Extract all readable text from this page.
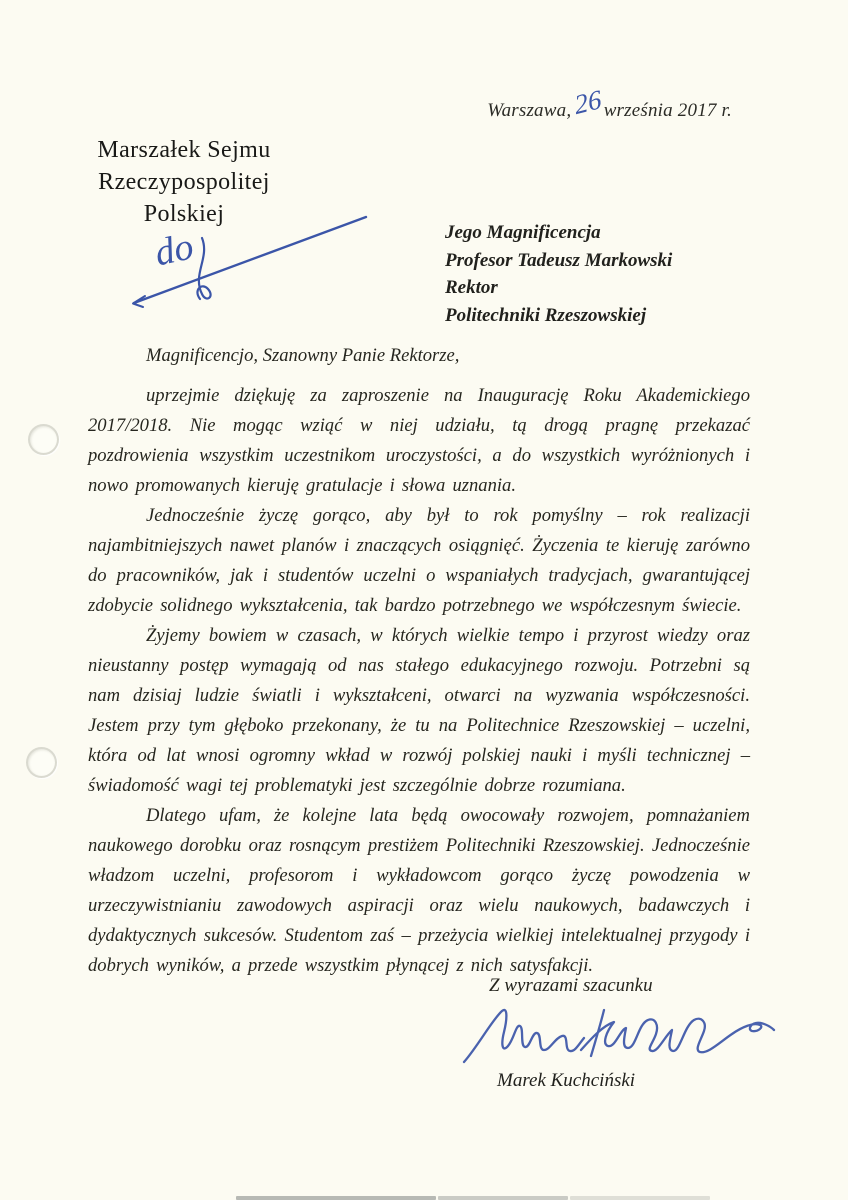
Warszawa,26września 2017 r.
Marszałek Sejmu
Rzeczypospolitej Polskiej
do	Jego Magnificencja
Profesor Tadeusz Markowski
Rektor
Politechniki Rzeszowskiej
Magnificencjo, Szanowny Panie Rektorze,

uprzejmie dziękuję za zaproszenie na Inaugurację Roku Akademickiego 2017/2018. Nie mogąc wziąć w niej udziału, tą drogą pragnę przekazać pozdrowienia wszystkim uczestnikom uroczystości, a do wszystkich wyróżnionych i nowo promowanych kieruję gratulacje i słowa uznania.

Jednocześnie życzę gorąco, aby był to rok pomyślny – rok realizacji najambitniejszych nawet planów i znaczących osiągnięć. Życzenia te kieruję zarówno do pracowników, jak i studentów uczelni o wspaniałych tradycjach, gwarantującej zdobycie solidnego wykształcenia, tak bardzo potrzebnego we współczesnym świecie.

Żyjemy bowiem w czasach, w których wielkie tempo i przyrost wiedzy oraz nieustanny postęp wymagają od nas stałego edukacyjnego rozwoju. Potrzebni są nam dzisiaj ludzie światli i wykształceni, otwarci na wyzwania współczesności. Jestem przy tym głęboko przekonany, że tu na Politechnice Rzeszowskiej – uczelni, która od lat wnosi ogromny wkład w rozwój polskiej nauki i myśli technicznej – świadomość wagi tej problematyki jest szczególnie dobrze rozumiana.

Dlatego ufam, że kolejne lata będą owocowały rozwojem, pomnażaniem naukowego dorobku oraz rosnącym prestiżem Politechniki Rzeszowskiej. Jednocześnie władzom uczelni, profesorom i wykładowcom gorąco życzę powodzenia w urzeczywistnianiu zawodowych aspiracji oraz wielu naukowych, badawczych i dydaktycznych sukcesów. Studentom zaś – przeżycia wielkiej intelektualnej przygody i dobrych wyników, a przede wszystkim płynącej z nich satysfakcji.

Z wyrazami szacunku
Marek Kuchciński
